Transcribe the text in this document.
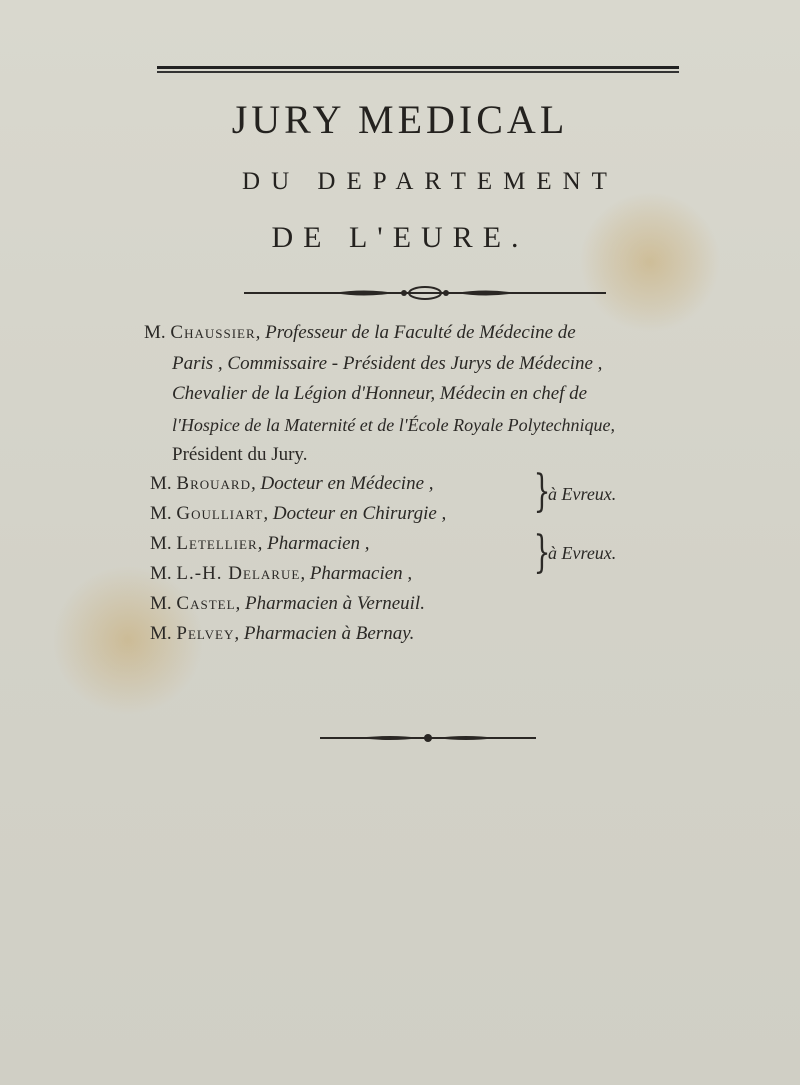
JURY MEDICAL
DU DEPARTEMENT
DE L'EURE.
M. Chaussier, Professeur de la Faculté de Médecine de
Paris , Commissaire - Président des Jurys de Médecine ,
Chevalier de la Légion d'Honneur, Médecin en chef de
l'Hospice de la Maternité et de l'École Royale Polytechnique,
Président du Jury.
M. Brouard, Docteur en Médecine ,
M. Goulliart, Docteur en Chirurgie ,
M. Letellier, Pharmacien ,
M. L.-H. Delarue, Pharmacien ,
M. Castel, Pharmacien à Verneuil.
M. Pelvey, Pharmacien à Bernay.
}
à Evreux.
}
à Evreux.
